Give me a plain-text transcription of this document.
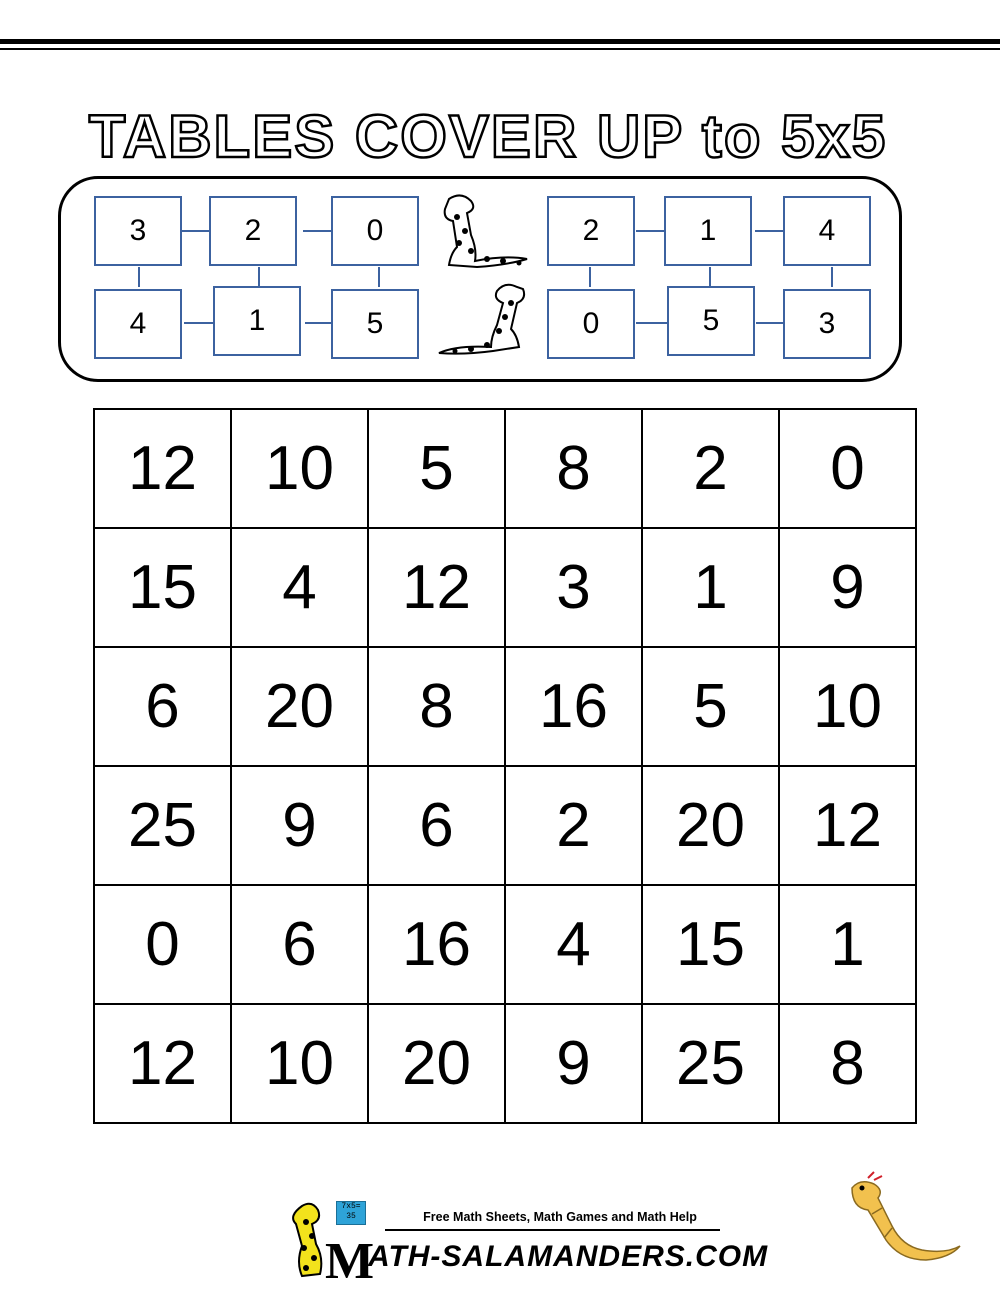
TABLES COVER UP to 5x5
3	2	0
4	1	5
2	1	4
0	5	3
12	10	5	8	2	0
15	4	12	3	1	9
6	20	8	16	5	10
25	9	6	2	20	12
0	6	16	4	15	1
12	10	20	9	25	8
7x5= 35
M
Free Math Sheets, Math Games and Math Help
ATH-SALAMANDERS.COM
